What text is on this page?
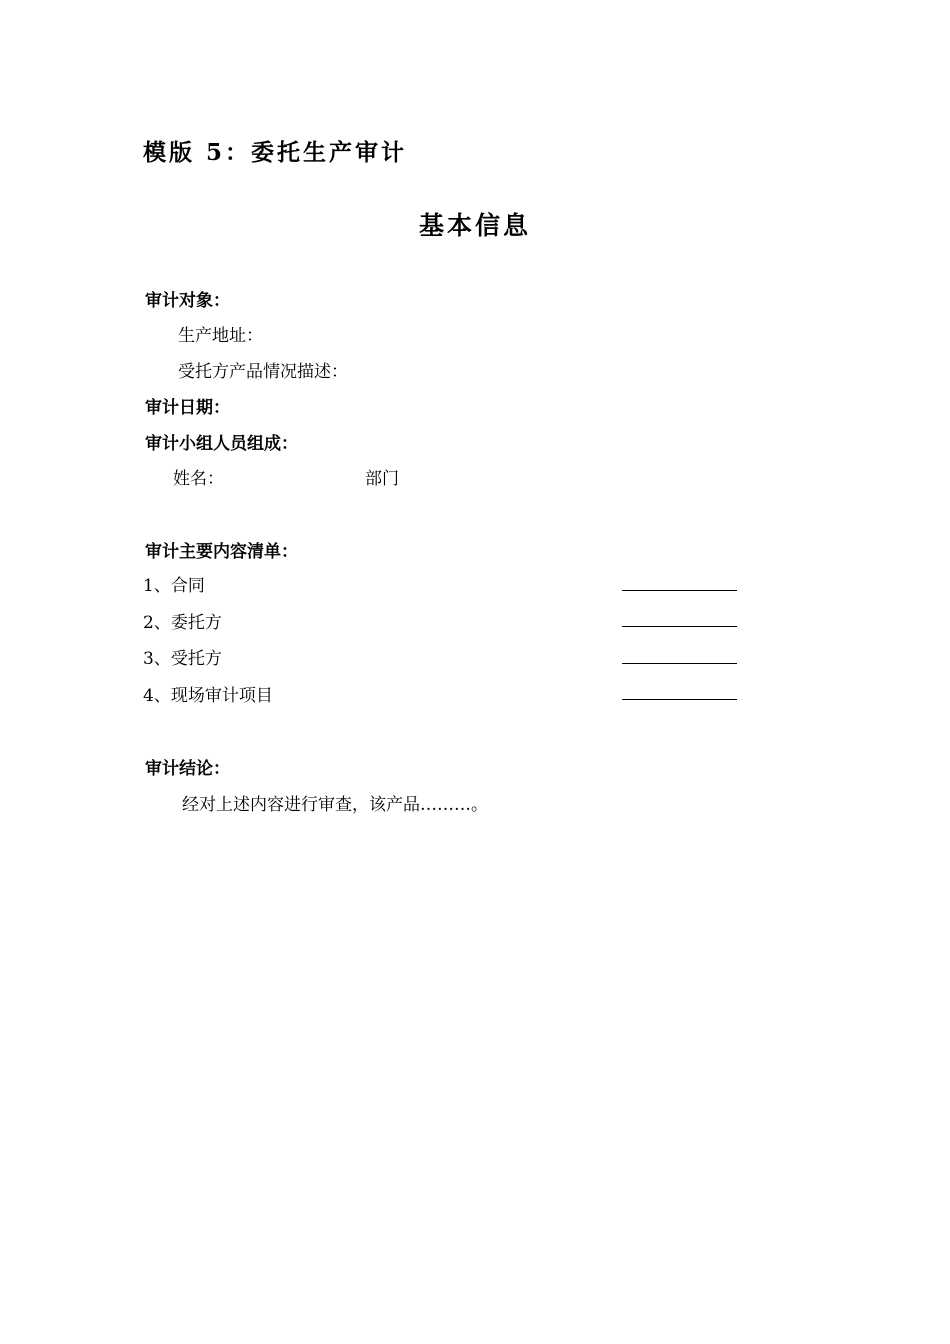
模版 5：委托生产审计
基本信息
审计对象：
生产地址：
受托方产品情况描述：
审计日期：
审计小组人员组成：
姓名：	部门
审计主要内容清单：
1、合同
2、委托方
3、受托方
4、现场审计项目
审计结论：
经对上述内容进行审查，该产品………。
